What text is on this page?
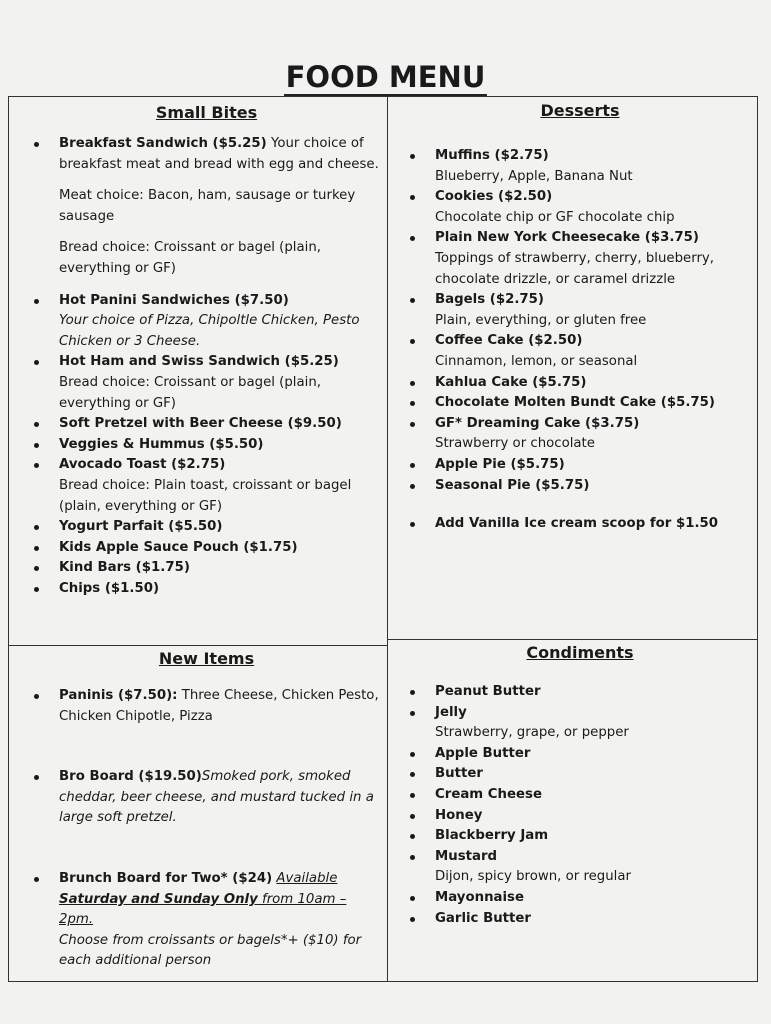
FOOD MENU
Small Bites
Breakfast Sandwich ($5.25) Your choice of breakfast meat and bread with egg and cheese.
Meat choice: Bacon, ham, sausage or turkey sausage
Bread choice: Croissant or bagel (plain, everything or GF)
Hot Panini Sandwiches ($7.50)
Your choice of Pizza, Chipoltle Chicken, Pesto Chicken or 3 Cheese.
Hot Ham and Swiss Sandwich ($5.25)
Bread choice: Croissant or bagel (plain, everything or GF)
Soft Pretzel with Beer Cheese ($9.50)
Veggies & Hummus ($5.50)
Avocado Toast ($2.75)
Bread choice: Plain toast, croissant or bagel (plain, everything or GF)
Yogurt Parfait ($5.50)
Kids Apple Sauce Pouch ($1.75)
Kind Bars ($1.75)
Chips ($1.50)
Desserts
Muffins ($2.75)
Blueberry, Apple, Banana Nut
Cookies ($2.50)
Chocolate chip or GF chocolate chip
Plain New York Cheesecake ($3.75)
Toppings of strawberry, cherry, blueberry, chocolate drizzle, or caramel drizzle
Bagels ($2.75)
Plain, everything, or gluten free
Coffee Cake ($2.50)
Cinnamon, lemon, or seasonal
Kahlua Cake ($5.75)
Chocolate Molten Bundt Cake ($5.75)
GF* Dreaming Cake ($3.75)
Strawberry or chocolate
Apple Pie ($5.75)
Seasonal Pie ($5.75)
Add Vanilla Ice cream scoop for $1.50
New Items
Paninis ($7.50): Three Cheese, Chicken Pesto, Chicken Chipotle, Pizza
Bro Board ($19.50)Smoked pork, smoked cheddar, beer cheese, and mustard tucked in a large soft pretzel.
Brunch Board for Two* ($24) Available Saturday and Sunday Only from 10am – 2pm.
Choose from croissants or bagels*+ ($10) for each additional person
Condiments
Peanut Butter
Jelly
Strawberry, grape, or pepper
Apple Butter
Butter
Cream Cheese
Honey
Blackberry Jam
Mustard
Dijon, spicy brown, or regular
Mayonnaise
Garlic Butter
